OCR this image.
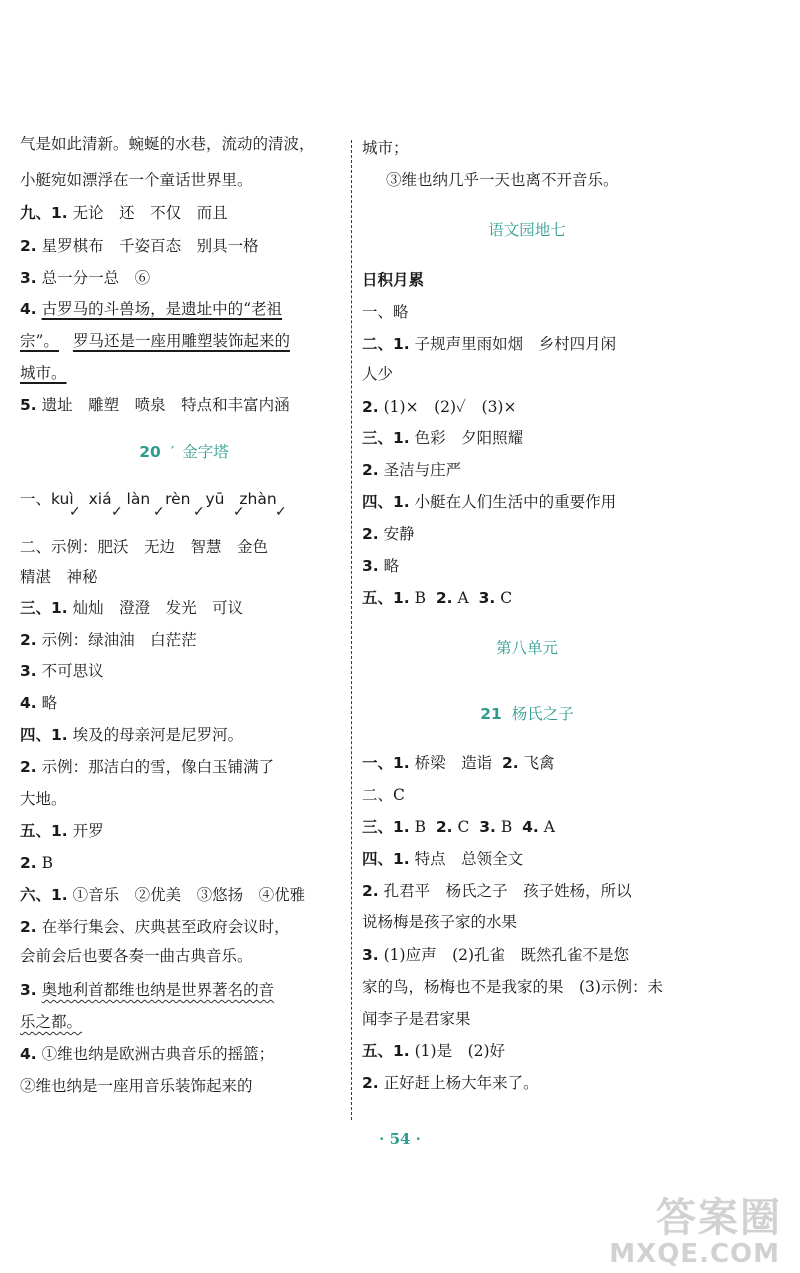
气是如此清新。蜿蜒的水巷，流动的清波，
小艇宛如漂浮在一个童话世界里。
九、1. 无论　还　不仅　而且
2. 星罗棋布　千姿百态　别具一格
3. 总一分一总　⑥
4. 古罗马的斗兽场，是遗址中的“老祖
宗”。 罗马还是一座用雕塑装饰起来的
城市。
5. 遗址　雕塑　喷泉　特点和丰富内涵
20 ′ 金字塔
一、kuì xiá làn rèn yū zhàn
✓ ✓ ✓ ✓ ✓ ✓
二、示例：肥沃　无边　智慧　金色
精湛　神秘
三、1. 灿灿　澄澄　发光　可议
2. 示例：绿油油　白茫茫
3. 不可思议
4. 略
四、1. 埃及的母亲河是尼罗河。
2. 示例：那洁白的雪，像白玉铺满了
大地。
五、1. 开罗
2. B
六、1. ①音乐　②优美　③悠扬　④优雅
2. 在举行集会、庆典甚至政府会议时，
会前会后也要各奏一曲古典音乐。
3. 奥地利首都维也纳是世界著名的音
乐之都。
4. ①维也纳是欧洲古典音乐的摇篮；
②维也纳是一座用音乐装饰起来的
城市；
③维也纳几乎一天也离不开音乐。
语文园地七
日积月累
一、略
二、1. 子规声里雨如烟　乡村四月闲
人少
2. (1)×　(2)✓　(3)×
三、1. 色彩　夕阳照耀
2. 圣洁与庄严
四、1. 小艇在人们生活中的重要作用
2. 安静
3. 略
五、1. B 2. A 3. C
第八单元
21 杨氏之子
一、1. 桥梁　造诣 2. 飞禽
二、C
三、1. B 2. C 3. B 4. A
四、1. 特点　总领全文
2. 孔君平　杨氏之子　孩子姓杨，所以
说杨梅是孩子家的水果
3. (1)应声　(2)孔雀　既然孔雀不是您
家的鸟，杨梅也不是我家的果　(3)示例：未
闻李子是君家果
五、1. (1)是　(2)好
2. 正好赶上杨大年来了。
· 54 ·
答案圈
MXQE.COM
